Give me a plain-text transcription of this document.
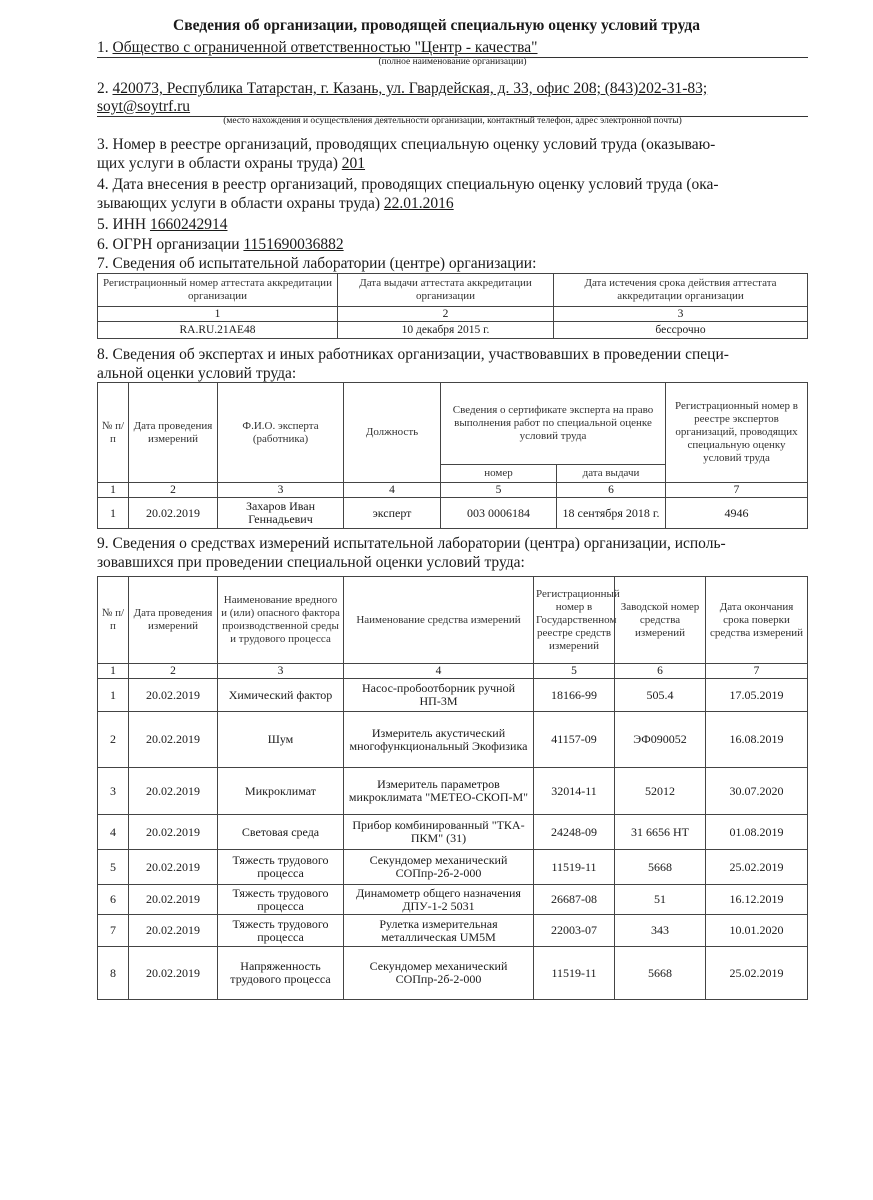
Сведения об организации, проводящей специальную оценку условий труда
1. Общество с ограниченной ответственностью "Центр - качества"
(полное наименование организации)
2. 420073, Республика Татарстан, г. Казань, ул. Гвардейская, д. 33, офис 208; (843)202-31-83;
soyt@soytrf.ru
(место нахождения и осуществления деятельности организации, контактный телефон, адрес электронной почты)
3. Номер в реестре организаций, проводящих специальную оценку условий труда (оказываю-
щих услуги в области охраны труда) 201
4. Дата внесения в реестр организаций, проводящих специальную оценку условий труда (ока-
зывающих услуги в области охраны труда) 22.01.2016
5. ИНН 1660242914
6. ОГРН организации 1151690036882
7. Сведения об испытательной лаборатории (центре) организации:
Регистрационный номер аттестата аккредитации организации	Дата выдачи аттестата аккредитации организации	Дата истечения срока действия аттестата аккредитации организации
1	2	3
RA.RU.21АЕ48	10 декабря 2015 г.	бессрочно
8. Сведения об экспертах и иных работниках организации, участвовавших в проведении специ-
альной оценки условий труда:
№ п/п	Дата проведения измерений	Ф.И.О. эксперта (работника)	Должность	Сведения о сертификате эксперта на право выполнения работ по специальной оценке условий труда		Регистрационный номер в реестре экспертов организаций, проводящих специальную оценку условий труда
				номер	дата выдачи	
1	2	3	4	5	6	7
1	20.02.2019	Захаров Иван Геннадьевич	эксперт	003 0006184	18 сентября 2018 г.	4946
9. Сведения о средствах измерений испытательной лаборатории (центра) организации, исполь-
зовавшихся при проведении специальной оценки условий труда:
№ п/п	Дата проведения измерений	Наименование вредного и (или) опасного фактора производственной среды и трудового процесса	Наименование средства измерений	Регистрационный номер в Государственном реестре средств измерений	Заводской номер средства измерений	Дата окончания срока поверки средства измерений
1	2	3	4	5	6	7
1	20.02.2019	Химический фактор	Насос-пробоотборник ручной НП-3М	18166-99	505.4	17.05.2019
2	20.02.2019	Шум	Измеритель акустический многофункциональный Экофизика	41157-09	ЭФ090052	16.08.2019
3	20.02.2019	Микроклимат	Измеритель параметров микроклимата "МЕТЕО-СКОП-М"	32014-11	52012	30.07.2020
4	20.02.2019	Световая среда	Прибор комбинированный "ТКА-ПКМ" (31)	24248-09	31 6656 НТ	01.08.2019
5	20.02.2019	Тяжесть трудового процесса	Секундомер механический СОПпр-2б-2-000	11519-11	5668	25.02.2019
6	20.02.2019	Тяжесть трудового процесса	Динамометр общего назначения ДПУ-1-2 5031	26687-08	51	16.12.2019
7	20.02.2019	Тяжесть трудового процесса	Рулетка измерительная металлическая UM5M	22003-07	343	10.01.2020
8	20.02.2019	Напряженность трудового процесса	Секундомер механический СОПпр-2б-2-000	11519-11	5668	25.02.2019
